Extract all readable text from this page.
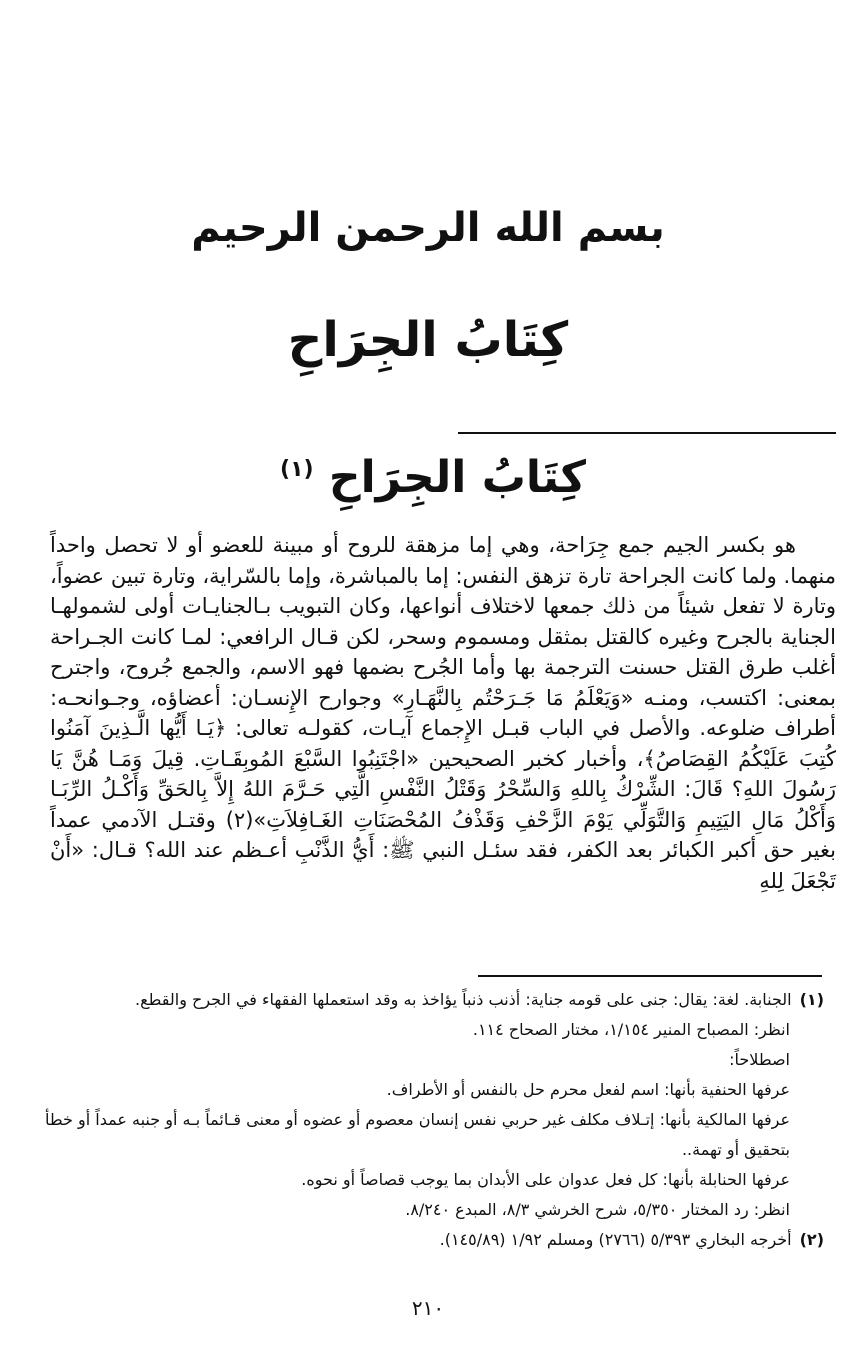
بسم الله الرحمن الرحيم
كِتَابُ الجِرَاحِ
كِتَابُ الجِرَاحِ $^{(١)}$

هو بكسر الجيم جمع جِرَاحة، وهي إما مزهقة للروح أو مبينة للعضو أو لا تحصل واحداً منهما. ولما كانت الجراحة تارة تزهق النفس: إما بالمباشرة، وإما بالسّراية، وتارة تبين عضواً، وتارة لا تفعل شيئاً من ذلك جمعها لاختلاف أنواعها، وكان التبويب بـالجنايـات أولى لشمولهـا الجناية بالجرح وغيره كالقتل بمثقل ومسموم وسحر، لكن قـال الرافعي: لمـا كانت الجـراحة أغلب طرق القتل حسنت الترجمة بها وأما الجُرح بضمها فهو الاسم، والجمع جُروح، واجترح بمعنى: اكتسب، ومنـه «وَيَعْلَمُ مَا جَـرَحْتُم بِالنَّهَـارِ» وجوارح الإِنسـان: أعضاؤه، وجـوانحـه: أطراف ضلوعه. والأصل في الباب قبـل الإِجماع آيـات، كقولـه تعالى: ﴿يَـا أَيُّها الَّـذِينَ آمَنُوا كُتِبَ عَلَيْكُمُ القِصَاصُ﴾، وأخبار كخبر الصحيحين «اجْتَنِبُوا السَّبْعَ المُوبِقَـاتِ. قِيلَ وَمَـا هُنَّ يَا رَسُولَ اللهِ؟ قَالَ: الشِّرْكُ بِاللهِ وَالسِّحْرُ وَقَتْلُ النَّفْسِ الَّتِي حَـرَّمَ اللهُ إِلاَّ بِالحَقِّ وَأَكْـلُ الرِّبَـا وَأَكْلُ مَالِ اليَتِيمِ وَالتَّوَلِّي يَوْمَ الزَّحْفِ وَقَذْفُ المُحْصَنَاتِ الغَـافِلاَتِ»(٢) وقتـل الآدمي عمداً بغير حق أكبر الكبائر بعد الكفر، فقد سئـل النبي ﷺ: أَيُّ الذَّنْبِ أعـظم عند الله؟ قـال: «أَنْ تَجْعَلَ لِلهِ

(١)الجنابة. لغة: يقال: جنى على قومه جناية: أذنب ذنباً يؤاخذ به وقد استعملها الفقهاء في الجرح والقطع.

انظر: المصباح المنير ١/١٥٤، مختار الصحاح ١١٤.

اصطلاحاً:

عرفها الحنفية بأنها: اسم لفعل محرم حل بالنفس أو الأطراف.

عرفها المالكية بأنها: إتـلاف مكلف غير حربي نفس إنسان معصوم أو عضوه أو معنى قـائماً بـه أو جنبه عمداً أو خطأ بتحقيق أو تهمة..

عرفها الحنابلة بأنها: كل فعل عدوان على الأبدان بما يوجب قصاصاً أو نحوه.

انظر: رد المختار ٥/٣٥٠، شرح الخرشي ٨/٣، المبدع ٨/٢٤٠.

(٢)أخرجه البخاري ٥/٣٩٣ (٢٧٦٦) ومسلم ١/٩٢ (١٤٥/٨٩).

٢١٠
